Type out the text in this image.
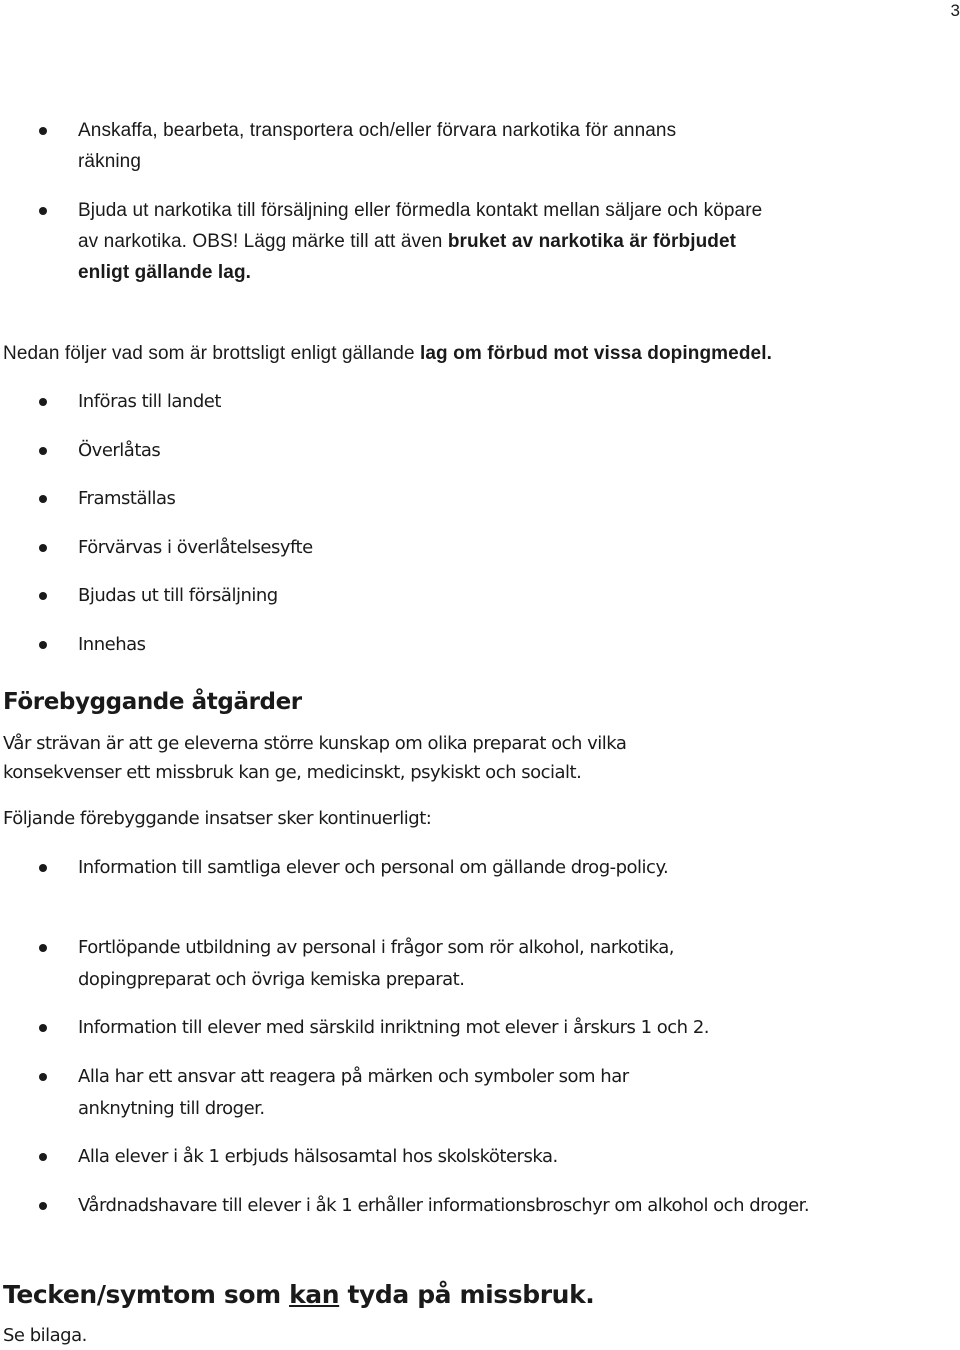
3
Anskaffa, bearbeta, transportera och/eller förvara narkotika för annans räkning
Bjuda ut narkotika till försäljning eller förmedla kontakt mellan säljare och köpare av narkotika. OBS! Lägg märke till att även bruket av narkotika är förbjudet enligt gällande lag.

Nedan följer vad som är brottsligt enligt gällande lag om förbud mot vissa dopingmedel.

Införas till landet
Överlåtas
Framställas
Förvärvas i överlåtelsesyfte
Bjudas ut till försäljning
Innehas
Förebyggande åtgärder

Vår strävan är att ge eleverna större kunskap om olika preparat och vilka konsekvenser ett missbruk kan ge, medicinskt, psykiskt och socialt.

Följande förebyggande insatser sker kontinuerligt:

Information till samtliga elever och personal om gällande drog-policy.
Fortlöpande utbildning av personal i frågor som rör alkohol, narkotika, dopingpreparat och övriga kemiska preparat.
Information till elever med särskild inriktning mot elever i årskurs 1 och 2.
Alla har ett ansvar att reagera på märken och symboler som har anknytning till droger.
Alla elever i åk 1 erbjuds hälsosamtal hos skolsköterska.
Vårdnadshavare till elever i åk 1 erhåller informationsbroschyr om alkohol och droger.
Tecken/symtom som kan tyda på missbruk.

Se bilaga.
